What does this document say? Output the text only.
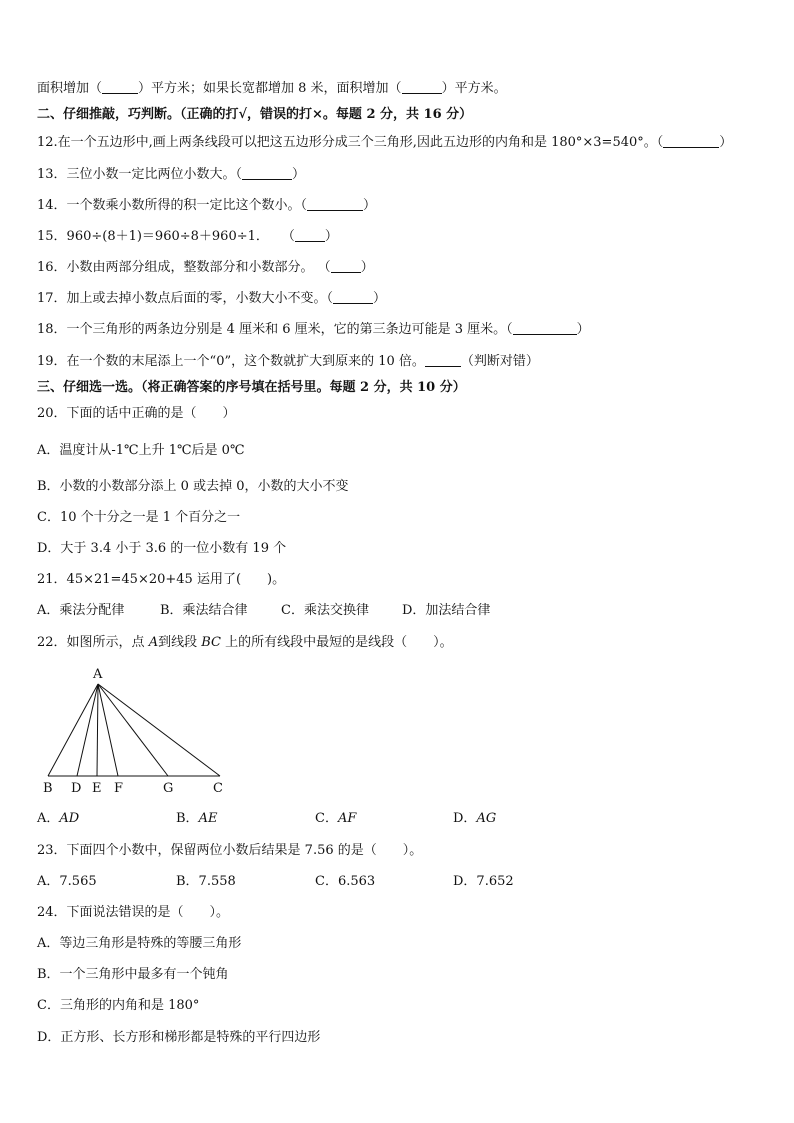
面积增加（	）平方米；如果长宽都增加 8 米，面积增加（	）平方米。
二、仔细推敲，巧判断。（正确的打√，错误的打×。每题 2 分，共 16 分）
12.在一个五边形中,画上两条线段可以把这五边形分成三个三角形,因此五边形的内角和是 180°×3=540°。（	）
13．三位小数一定比两位小数大。（	）
14．一个数乘小数所得的积一定比这个数小。（	）
15．960÷(8＋1)＝960÷8＋960÷1．　　（ ）
16．小数由两部分组成，整数部分和小数部分。 （ ）
17．加上或去掉小数点后面的零，小数大小不变。（	）
18．一个三角形的两条边分别是 4 厘米和 6 厘米，它的第三条边可能是 3 厘米。（	）
19．在一个数的末尾添上一个“0”，这个数就扩大到原来的 10 倍。	（判断对错）
三、仔细选一选。（将正确答案的序号填在括号里。每题 2 分，共 10 分）
20．下面的话中正确的是（　　）
A．温度计从-1℃上升 1℃后是 0℃
B．小数的小数部分添上 0 或去掉 0，小数的大小不变
C．10 个十分之一是 1 个百分之一
D．大于 3.4 小于 3.6 的一位小数有 19 个
21．45×21=45×20+45 运用了(　　)。
A．乘法分配律	B．乘法结合律	C．乘法交换律	D．加法结合律
22．如图所示，点 A到线段 BC 上的所有线段中最短的是线段（　　）。
A
B D E F	G	C
A．AD	B．AE	C．AF	D．AG
23．下面四个小数中，保留两位小数后结果是 7.56 的是（　　）。
A．7.565	B．7.558	C．6.563	D．7.652
24．下面说法错误的是（　　）。
A．等边三角形是特殊的等腰三角形
B．一个三角形中最多有一个钝角
C．三角形的内角和是 180°
D．正方形、长方形和梯形都是特殊的平行四边形
